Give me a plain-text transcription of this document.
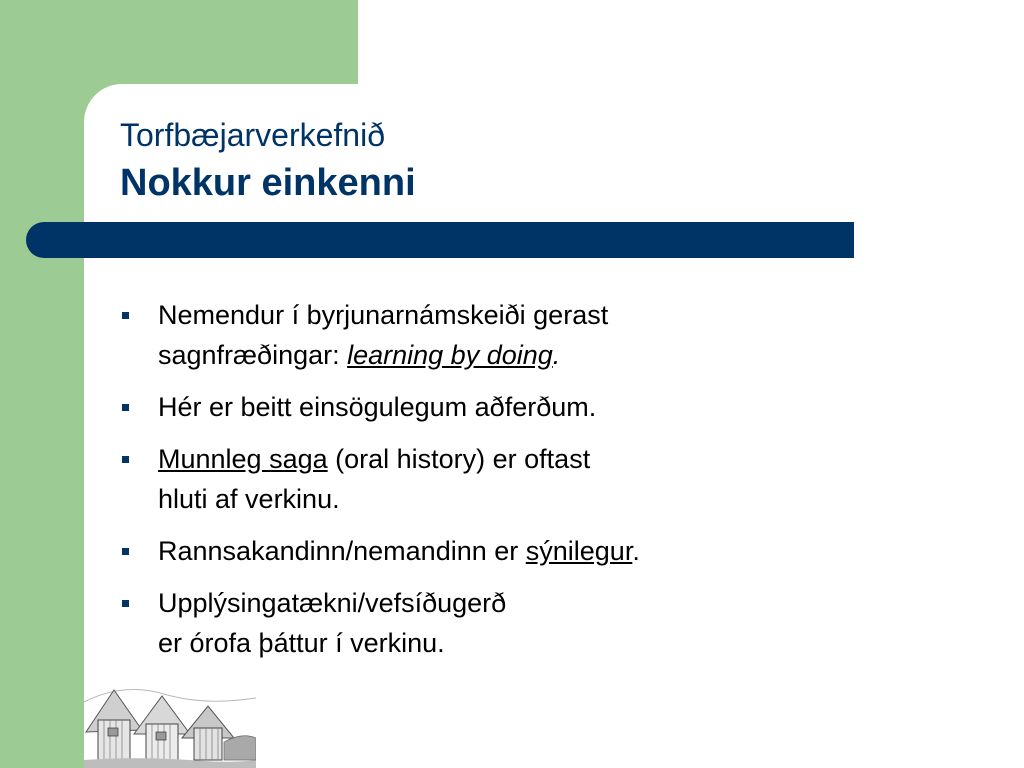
Torfbæjarverkefnið
Nokkur einkenni
Nemendur í byrjunarnámskeiði gerast
sagnfræðingar: learning by doing.
Hér er beitt einsögulegum aðferðum.
Munnleg saga (oral history) er oftast
hluti af verkinu.
Rannsakandinn/nemandinn er sýnilegur.
Upplýsingatækni/vefsíðugerð
er órofa þáttur í verkinu.
